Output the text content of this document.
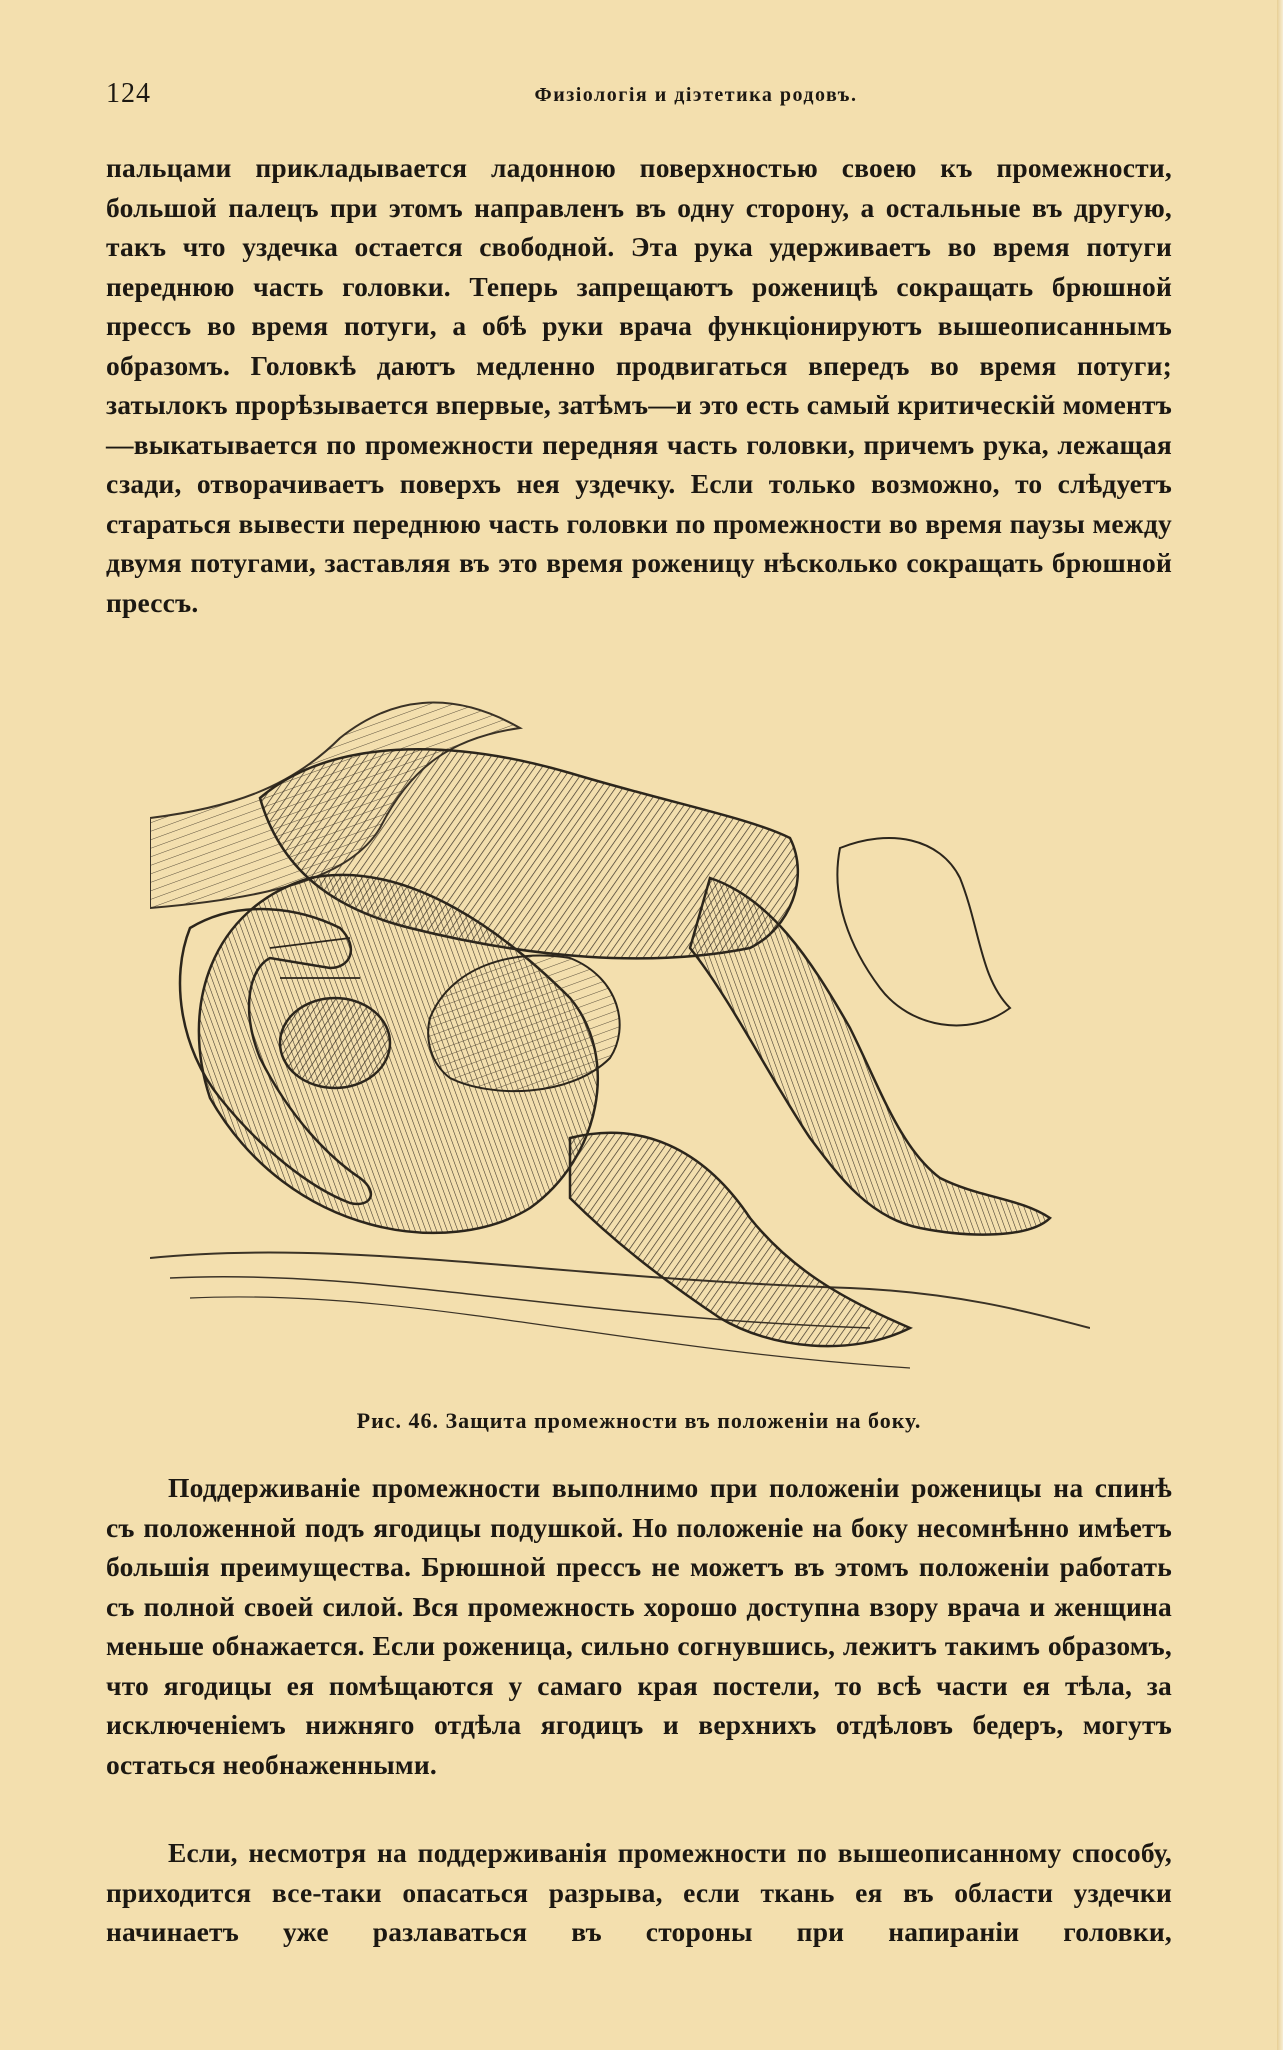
124	Физіологія и діэтетика родовъ.
пальцами прикладывается ладонною поверхностью своею къ промежности, большой палецъ при этомъ направленъ въ одну сторону, а остальные въ другую, такъ что уздечка остается свободной. Эта рука удерживаетъ во время потуги переднюю часть головки. Теперь запрещаютъ роженицѣ сокращать брюшной прессъ во время потуги, а обѣ руки врача функціонируютъ вышеописаннымъ образомъ. Головкѣ даютъ медленно продвигаться впередъ во время потуги; затылокъ прорѣзывается впервые, затѣмъ—и это есть самый критическій моментъ—выкатывается по промежности передняя часть головки, причемъ рука, лежащая сзади, отворачиваетъ поверхъ нея уздечку. Если только возможно, то слѣдуетъ стараться вывести переднюю часть головки по промежности во время паузы между двумя потугами, заставляя въ это время роженицу нѣсколько сокращать брюшной прессъ.
Рис. 46. Защита промежности въ положеніи на боку.
Поддерживаніе промежности выполнимо при положеніи роженицы на спинѣ съ положенной подъ ягодицы подушкой. Но положеніе на боку несомнѣнно имѣетъ большія преимущества. Брюшной прессъ не можетъ въ этомъ положеніи работать съ полной своей силой. Вся промежность хорошо доступна взору врача и женщина меньше обнажается. Если роженица, сильно согнувшись, лежитъ такимъ образомъ, что ягодицы ея помѣщаются у самаго края постели, то всѣ части ея тѣла, за исключеніемъ нижняго отдѣла ягодицъ и верхнихъ отдѣловъ бедеръ, могутъ остаться необнаженными.
Если, несмотря на поддерживанія промежности по вышеописанному способу, приходится все-таки опасаться разрыва, если ткань ея въ области уздечки начинаетъ уже разлаваться въ стороны при напираніи головки,
